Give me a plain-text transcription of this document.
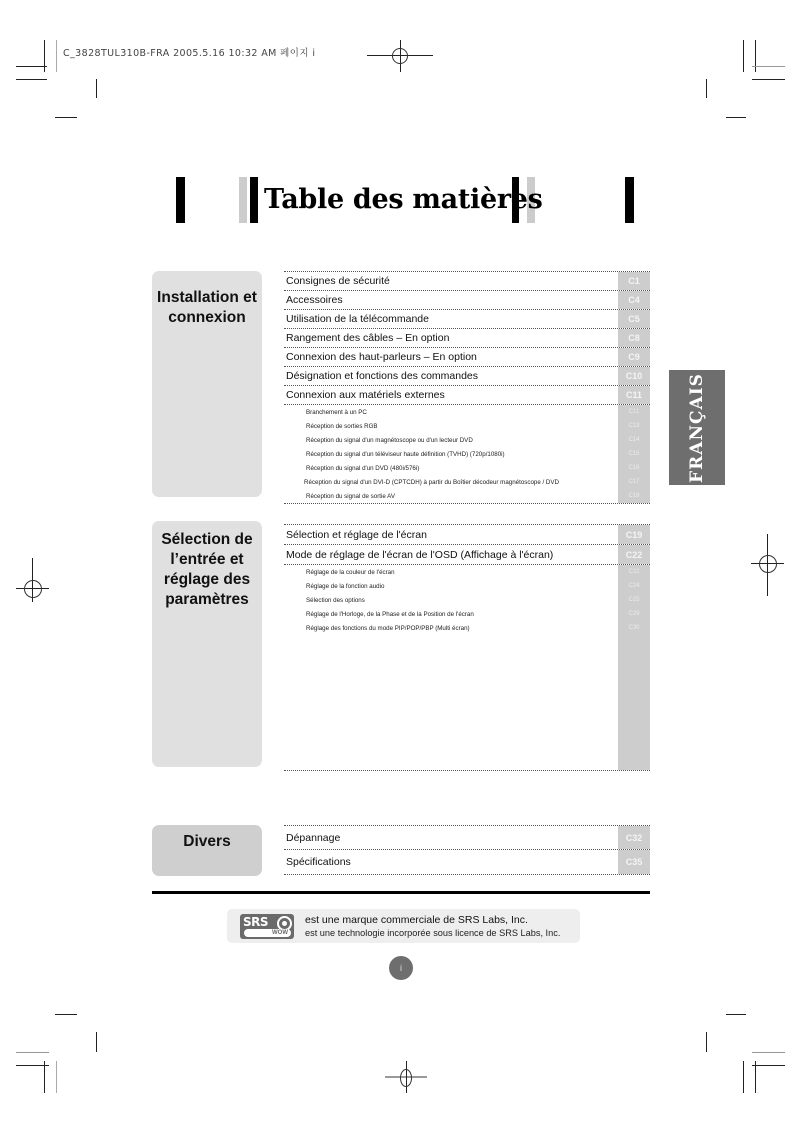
C_3828TUL310B-FRA 2005.5.16 10:32 AM 페이지 i
Table des matières
FRANÇAIS
Installation et connexion
Consignes de sécurité	C1
Accessoires	C4
Utilisation de la télécommande	C5
Rangement des câbles – En option	C8
Connexion des haut-parleurs – En option	C9
Désignation et fonctions des commandes	C10
Connexion aux matériels externes	C11
Branchement à un PC	C11
Réception de sorties RGB	C13
Réception du signal d'un magnétoscope ou d'un lecteur DVD	C14
Réception du signal d'un téléviseur haute définition (TVHD) (720p/1080i)	C15
Réception du signal d'un DVD (480i/576i)	C16
Réception du signal d'un DVI-D (CPTCDH) à partir du Boîtier décodeur magnétoscope / DVD	C17
Réception du signal de sortie AV	C18
Sélection de
l’entrée et
réglage des
paramètres
Sélection et réglage de l'écran	C19
Mode de réglage de l'écran de l'OSD (Affichage à l'écran)	C22
Réglage de la couleur de l'écran	C22
Réglage de la fonction audio	C24
Sélection des options	C25
Réglage de l'Horloge, de la Phase et de la Position de l'écran	C29
Réglage des fonctions du mode PIP/POP/PBP (Multi écran)	C30
Divers	Dépannage	C32
Spécifications	C35
SRS
WOW
est une marque commerciale de SRS Labs, Inc.
est une technologie incorporée sous licence de SRS Labs, Inc.
i
